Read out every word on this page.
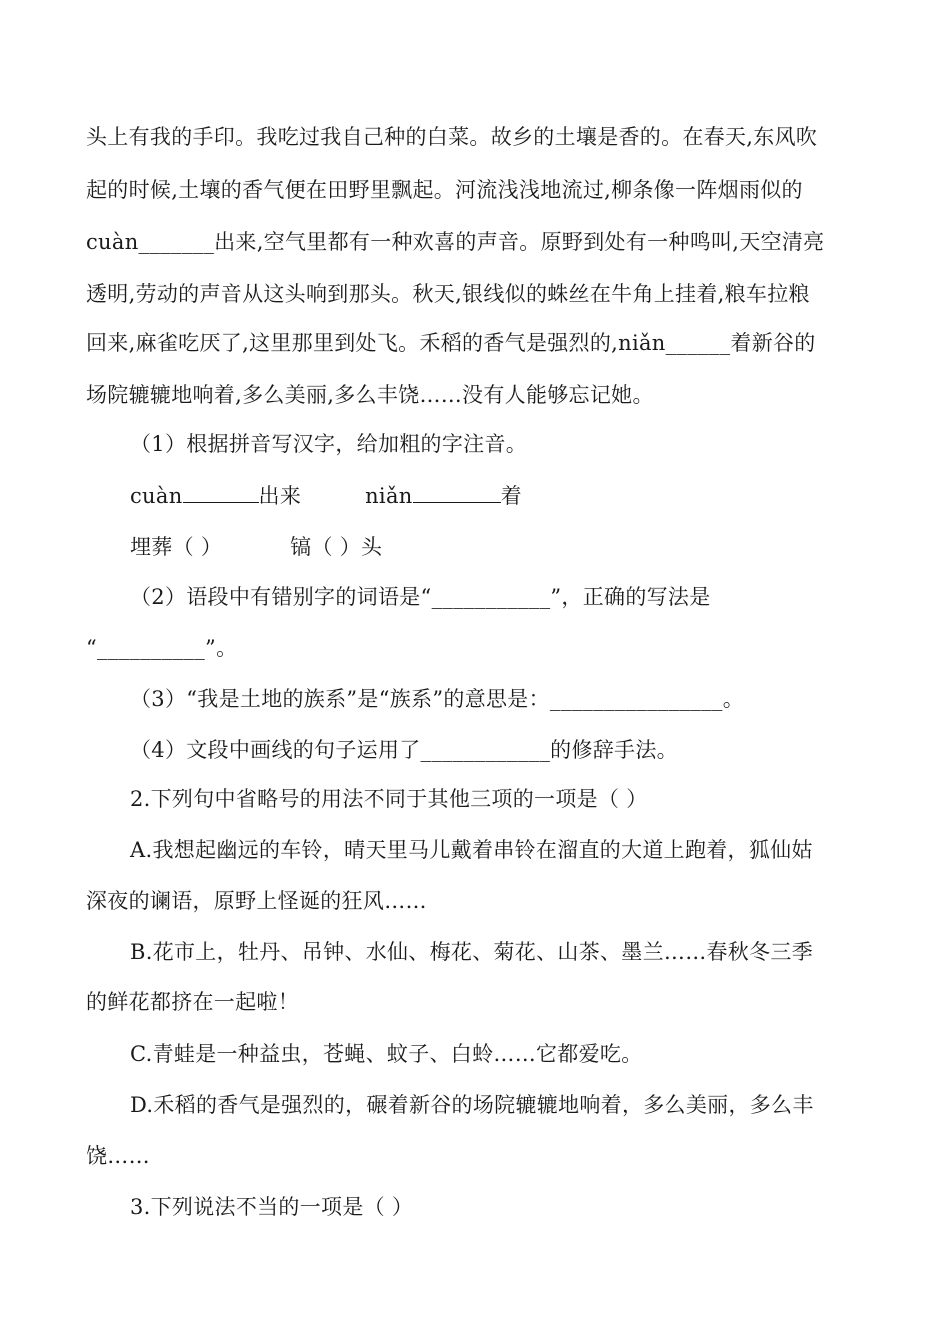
头上有我的手印。我吃过我自己种的白菜。故乡的土壤是香的。在春天,东风吹
起的时候,土壤的香气便在田野里飘起。河流浅浅地流过,柳条像一阵烟雨似的
cuàn_______出来,空气里都有一种欢喜的声音。原野到处有一种鸣叫,天空清亮
透明,劳动的声音从这头响到那头。秋天,银线似的蛛丝在牛角上挂着,粮车拉粮
回来,麻雀吃厌了,这里那里到处飞。禾稻的香气是强烈的,niǎn______着新谷的
场院辘辘地响着,多么美丽,多么丰饶……没有人能够忘记她。
（1）根据拼音写汉字，给加粗的字注音。
cuàn	出来	niǎn	着
埋葬（ ）	镐（ ）头
（2）语段中有错别字的词语是“___________”，正确的写法是
“__________”。
（3）“我是土地的族系”是“族系”的意思是：________________。
（4）文段中画线的句子运用了____________的修辞手法。
2.下列句中省略号的用法不同于其他三项的一项是（ ）
A.我想起幽远的车铃，晴天里马儿戴着串铃在溜直的大道上跑着，狐仙姑
深夜的谰语，原野上怪诞的狂风……
B.花市上，牡丹、吊钟、水仙、梅花、菊花、山茶、墨兰……春秋冬三季
的鲜花都挤在一起啦！
C.青蛙是一种益虫，苍蝇、蚊子、白蛉……它都爱吃。
D.禾稻的香气是强烈的，碾着新谷的场院辘辘地响着，多么美丽，多么丰
饶……
3.下列说法不当的一项是（ ）
